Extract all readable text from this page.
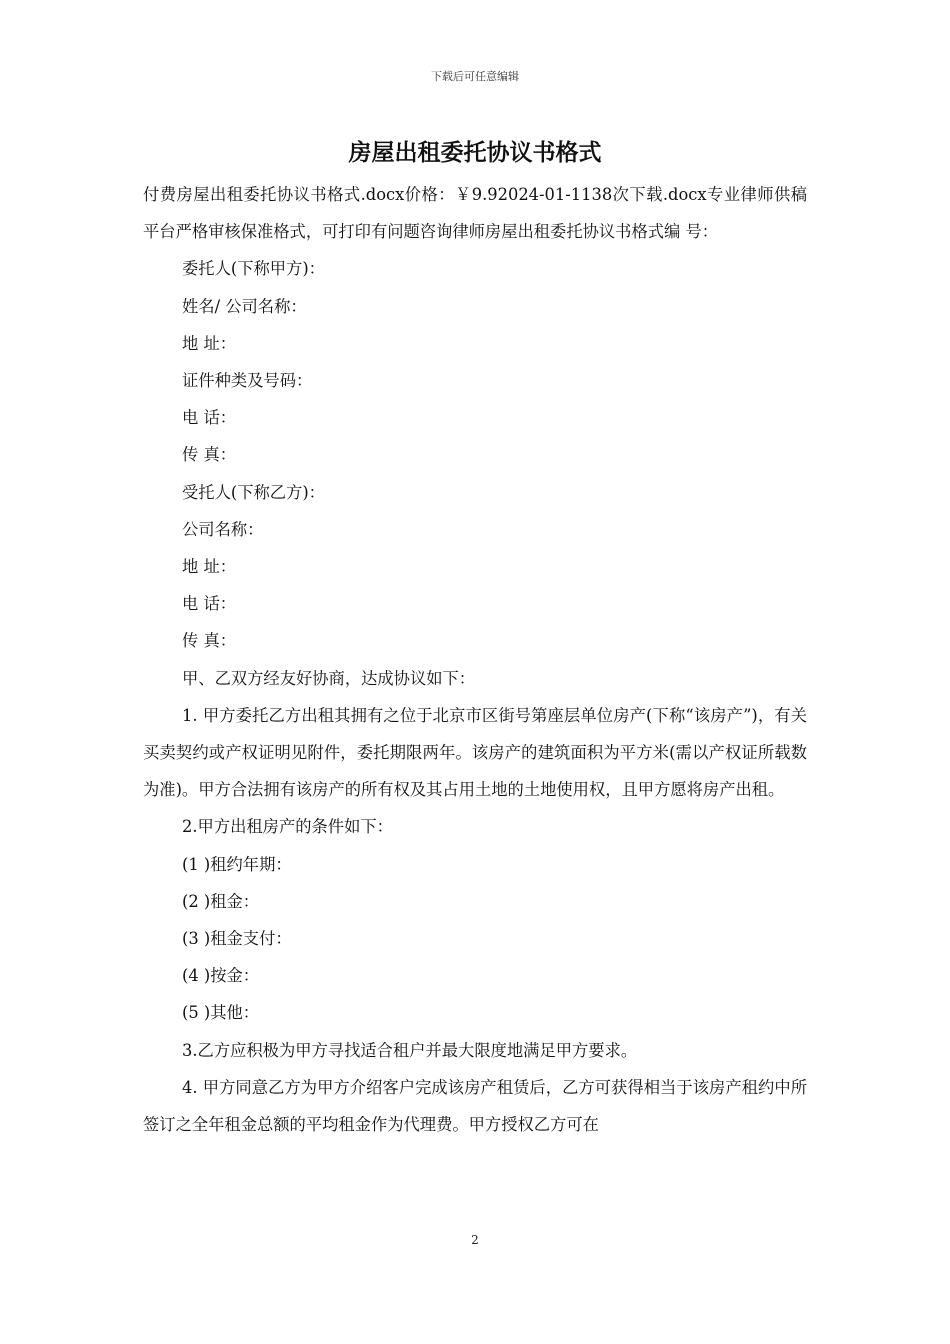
下载后可任意编辑
房屋出租委托协议书格式

付费房屋出租委托协议书格式.docx价格：￥9.92024-01-1138次下载.docx专业律师供稿平台严格审核保准格式，可打印有问题咨询律师房屋出租委托协议书格式编 号：

委托人(下称甲方)：

姓名/ 公司名称：

地 址：

证件种类及号码：

电 话：

传 真：

受托人(下称乙方)：

公司名称：

地 址：

电 话：

传 真：

甲、乙双方经友好协商，达成协议如下：

1. 甲方委托乙方出租其拥有之位于北京市区街号第座层单位房产(下称“该房产”)，有关买卖契约或产权证明见附件，委托期限两年。该房产的建筑面积为平方米(需以产权证所载数为准)。甲方合法拥有该房产的所有权及其占用土地的土地使用权，且甲方愿将房产出租。

2.甲方出租房产的条件如下：

(1 )租约年期：

(2 )租金：

(3 )租金支付：

(4 )按金：

(5 )其他：

3.乙方应积极为甲方寻找适合租户并最大限度地满足甲方要求。

4. 甲方同意乙方为甲方介绍客户完成该房产租赁后，乙方可获得相当于该房产租约中所签订之全年租金总额的平均租金作为代理费。甲方授权乙方可在

2
